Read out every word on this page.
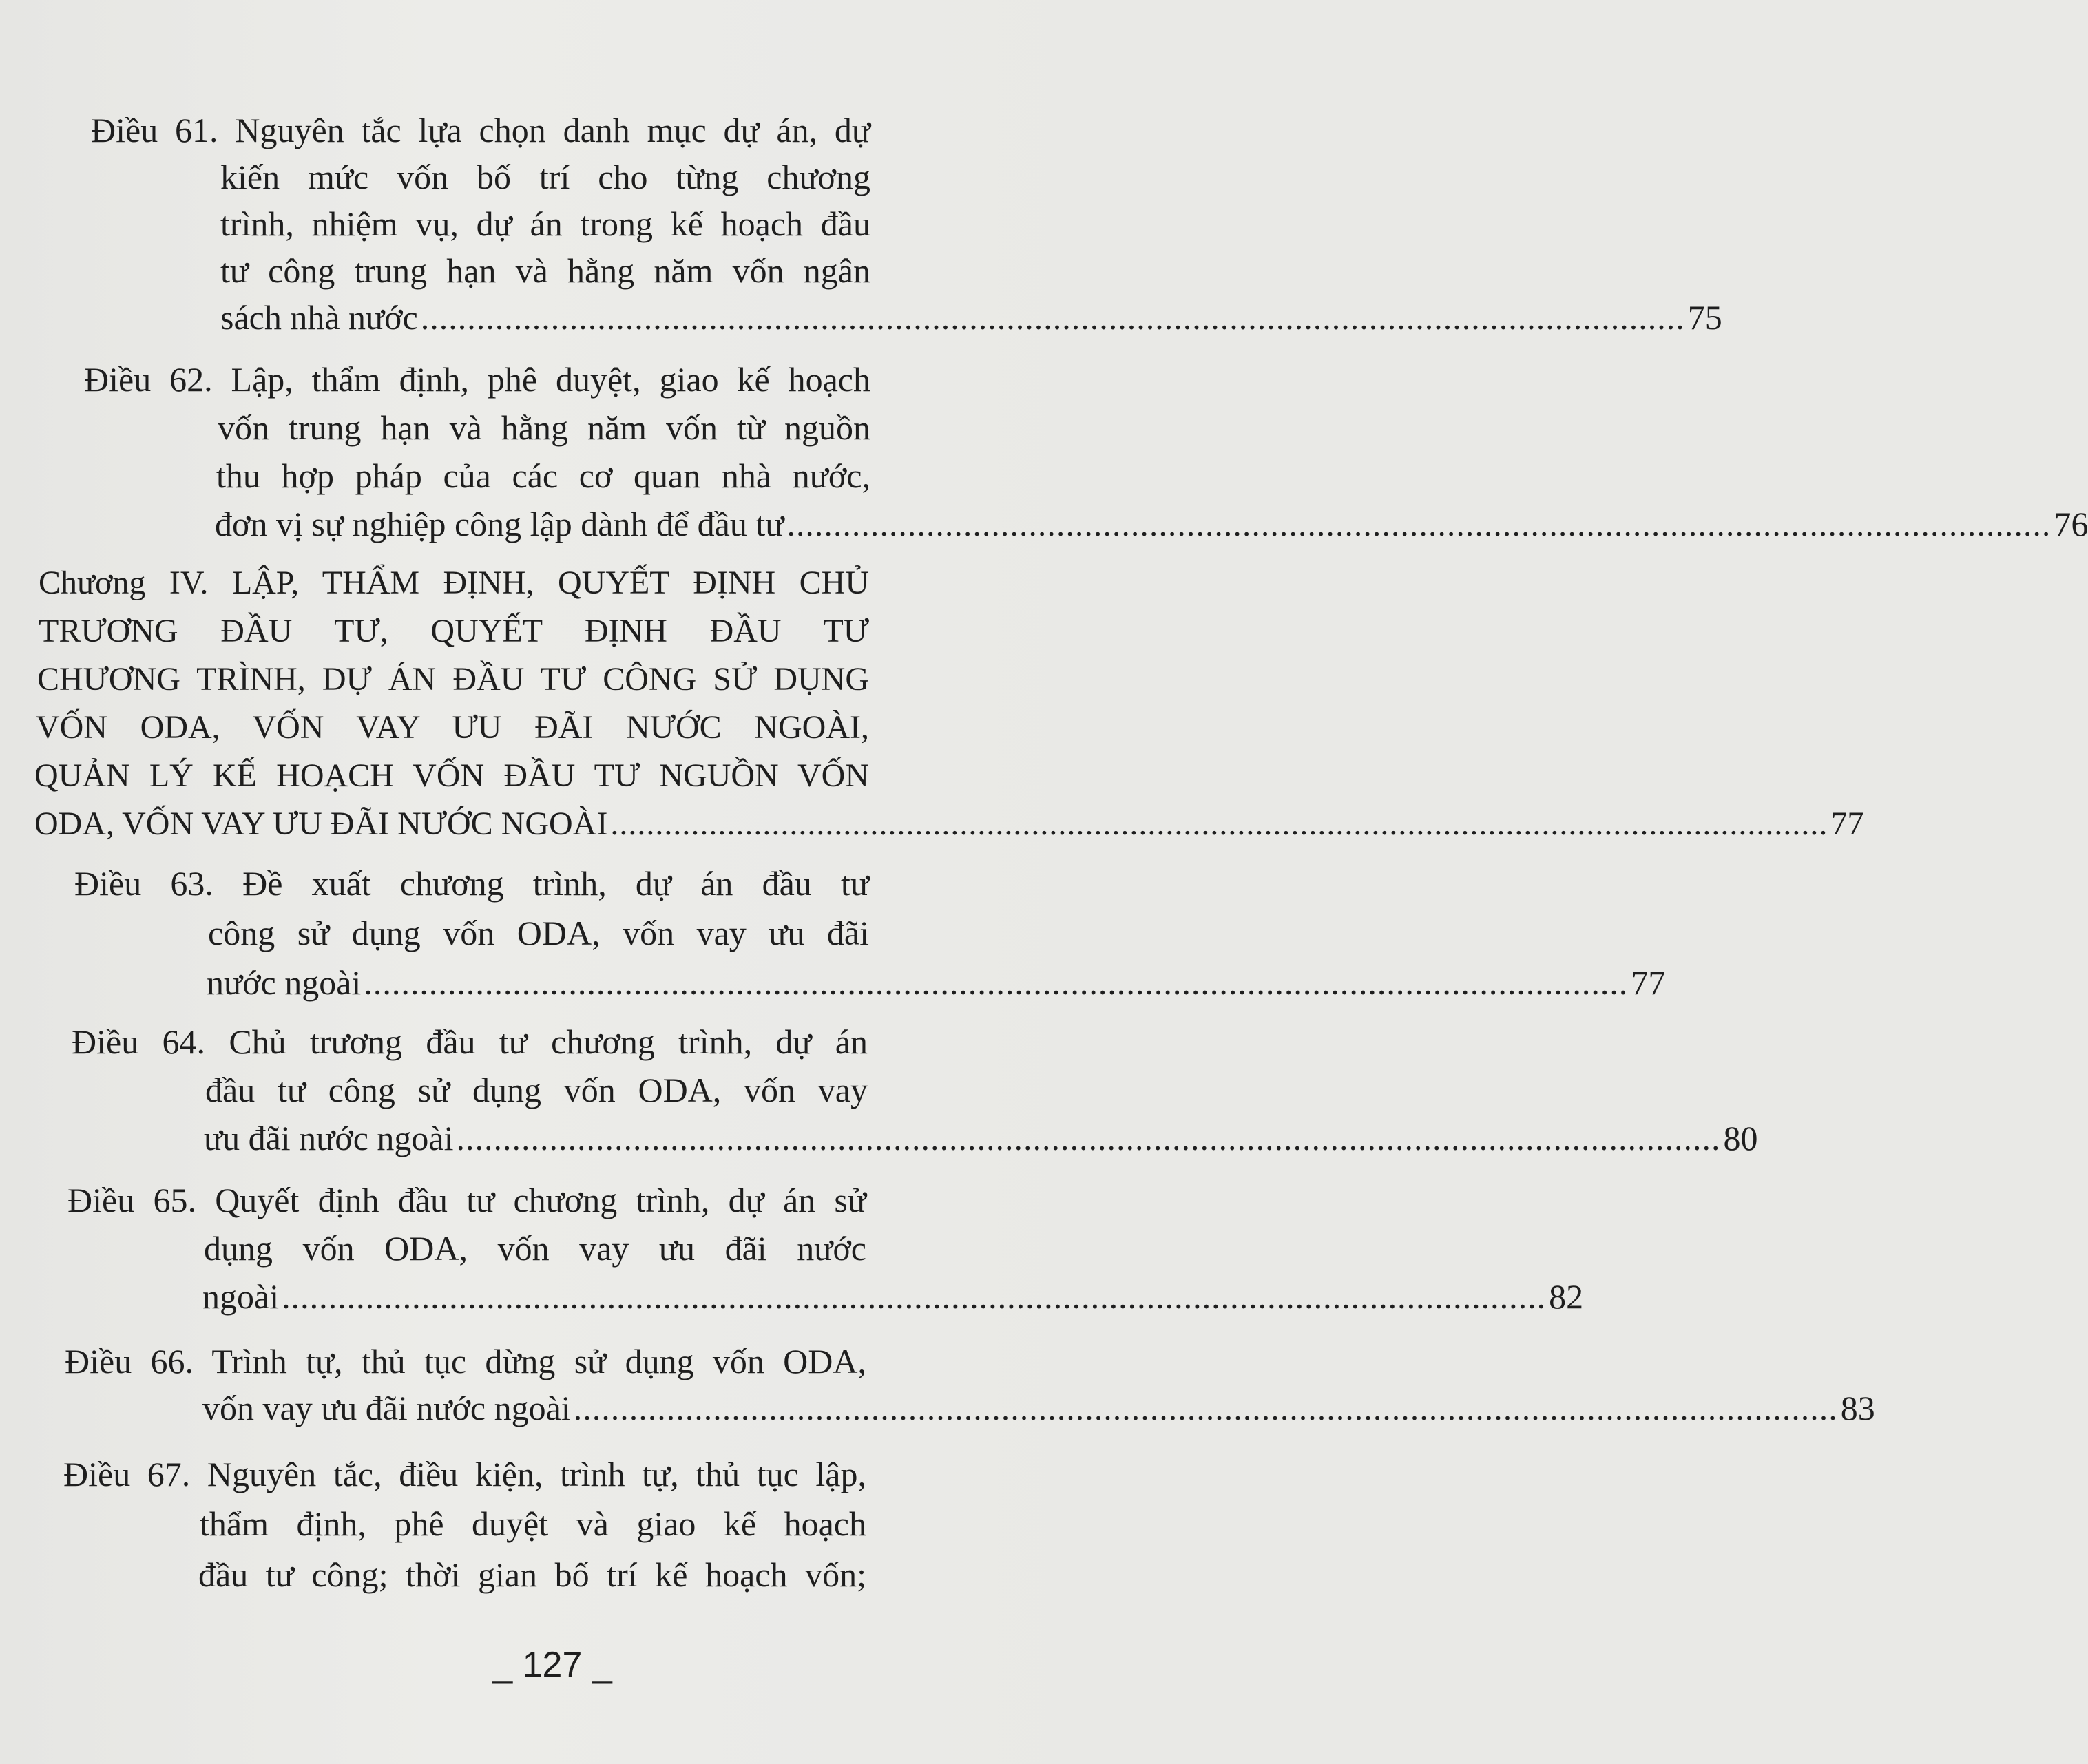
Điều 61. Nguyên tắc lựa chọn danh mục dự án, dự
kiến mức vốn bố trí cho từng chương
trình, nhiệm vụ, dự án trong kế hoạch đầu
tư công trung hạn và hằng năm vốn ngân
sách nhà nước ........................................................................................................................................ 75
Điều 62. Lập, thẩm định, phê duyệt, giao kế hoạch
vốn trung hạn và hằng năm vốn từ nguồn
thu hợp pháp của các cơ quan nhà nước,
đơn vị sự nghiệp công lập dành để đầu tư ........................................................................................................................................ 76
Chương IV. LẬP, THẨM ĐỊNH, QUYẾT ĐỊNH CHỦ
TRƯƠNG ĐẦU TƯ, QUYẾT ĐỊNH ĐẦU TƯ
CHƯƠNG TRÌNH, DỰ ÁN ĐẦU TƯ CÔNG SỬ DỤNG
VỐN ODA, VỐN VAY ƯU ĐÃI NƯỚC NGOÀI,
QUẢN LÝ KẾ HOẠCH VỐN ĐẦU TƯ NGUỒN VỐN
ODA, VỐN VAY ƯU ĐÃI NƯỚC NGOÀI ........................................................................................................................................ 77
Điều 63. Đề xuất chương trình, dự án đầu tư
công sử dụng vốn ODA, vốn vay ưu đãi
nước ngoài ........................................................................................................................................ 77
Điều 64. Chủ trương đầu tư chương trình, dự án
đầu tư công sử dụng vốn ODA, vốn vay
ưu đãi nước ngoài ........................................................................................................................................ 80
Điều 65. Quyết định đầu tư chương trình, dự án sử
dụng vốn ODA, vốn vay ưu đãi nước
ngoài ........................................................................................................................................ 82
Điều 66. Trình tự, thủ tục dừng sử dụng vốn ODA,
vốn vay ưu đãi nước ngoài ........................................................................................................................................ 83
Điều 67. Nguyên tắc, điều kiện, trình tự, thủ tục lập,
thẩm định, phê duyệt và giao kế hoạch
đầu tư công; thời gian bố trí kế hoạch vốn;
_ 127 _
